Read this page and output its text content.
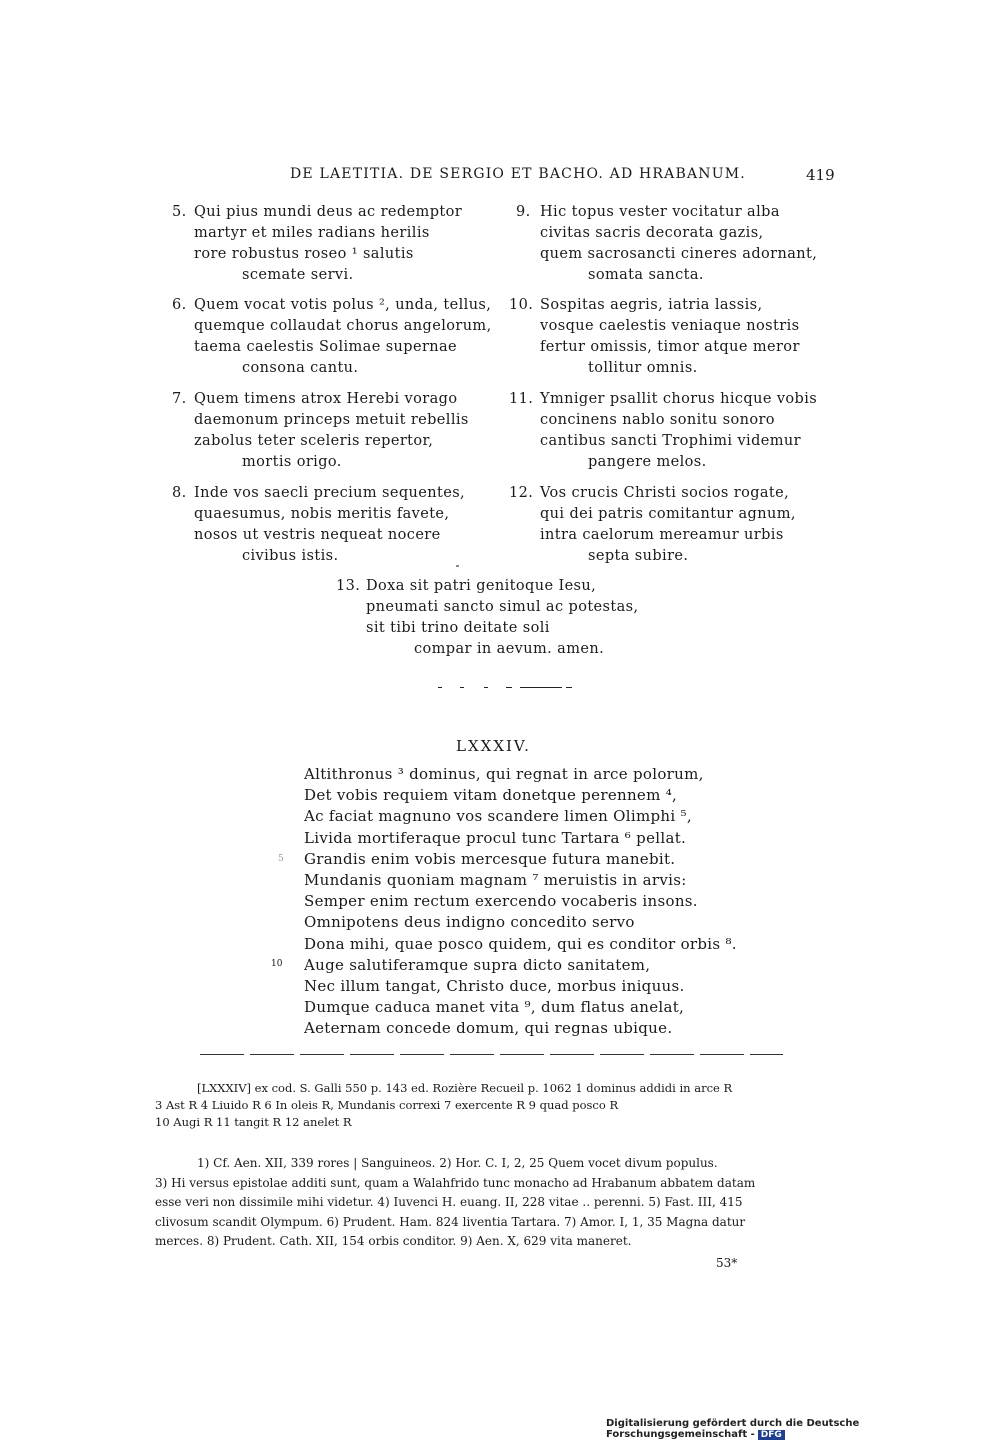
DE LAETITIA. DE SERGIO ET BACHO. AD HRABANUM.	419
5. Qui pius mundi deus ac redemptor
martyr et miles radians herilis
rore robustus roseo ¹ salutis
scemate servi.
6. Quem vocat votis polus ², unda, tellus,
quemque collaudat chorus angelorum,
taema caelestis Solimae supernae
consona cantu.
7. Quem timens atrox Herebi vorago
daemonum princeps metuit rebellis
zabolus teter sceleris repertor,
mortis origo.
8. Inde vos saecli precium sequentes,
quaesumus, nobis meritis favete,
nosos ut vestris nequeat nocere
civibus istis.
9. Hic topus vester vocitatur alba
civitas sacris decorata gazis,
quem sacrosancti cineres adornant,
somata sancta.
10. Sospitas aegris, iatria lassis,
vosque caelestis veniaque nostris
fertur omissis, timor atque meror
tollitur omnis.
11. Ymniger psallit chorus hicque vobis
concinens nablo sonitu sonoro
cantibus sancti Trophimi videmur
pangere melos.
12. Vos crucis Christi socios rogate,
qui dei patris comitantur agnum,
intra caelorum mereamur urbis
septa subire.
13. Doxa sit patri genitoque Iesu,
pneumati sancto simul ac potestas,
sit tibi trino deitate soli
compar in aevum. amen.
LXXXIV.
5
10
Altithronus ³ dominus, qui regnat in arce polorum,
Det vobis requiem vitam donetque perennem ⁴,
Ac faciat magnuno vos scandere limen Olimphi ⁵,
Livida mortiferaque procul tunc Tartara ⁶ pellat.
Grandis enim vobis mercesque futura manebit.
Mundanis quoniam magnam ⁷ meruistis in arvis:
Semper enim rectum exercendo vocaberis insons.
Omnipotens deus indigno concedito servo
Dona mihi, quae posco quidem, qui es conditor orbis ⁸.
Auge salutiferamque supra dicto sanitatem,
Nec illum tangat, Christo duce, morbus iniquus.
Dumque caduca manet vita ⁹, dum flatus anelat,
Aeternam concede domum, qui regnas ubique.
[LXXXIV] ex cod. S. Galli 550 p. 143 ed. Rozière Recueil p. 1062 1 dominus addidi in arce R
3 Ast R 4 Liuido R 6 In oleis R, Mundanis correxi 7 exercente R 9 quad posco R
10 Augi R 11 tangit R 12 anelet R
1) Cf. Aen. XII, 339 rores | Sanguineos. 2) Hor. C. I, 2, 25 Quem vocet divum populus.
3) Hi versus epistolae additi sunt, quam a Walahfrido tunc monacho ad Hrabanum abbatem datam
esse veri non dissimile mihi videtur. 4) Iuvenci H. euang. II, 228 vitae .. perenni. 5) Fast. III, 415
clivosum scandit Olympum. 6) Prudent. Ham. 824 liventia Tartara. 7) Amor. I, 1, 35 Magna datur
merces. 8) Prudent. Cath. XII, 154 orbis conditor. 9) Aen. X, 629 vita maneret.
53*
Digitalisierung gefördert durch die Deutsche Forschungsgemeinschaft - DFG
